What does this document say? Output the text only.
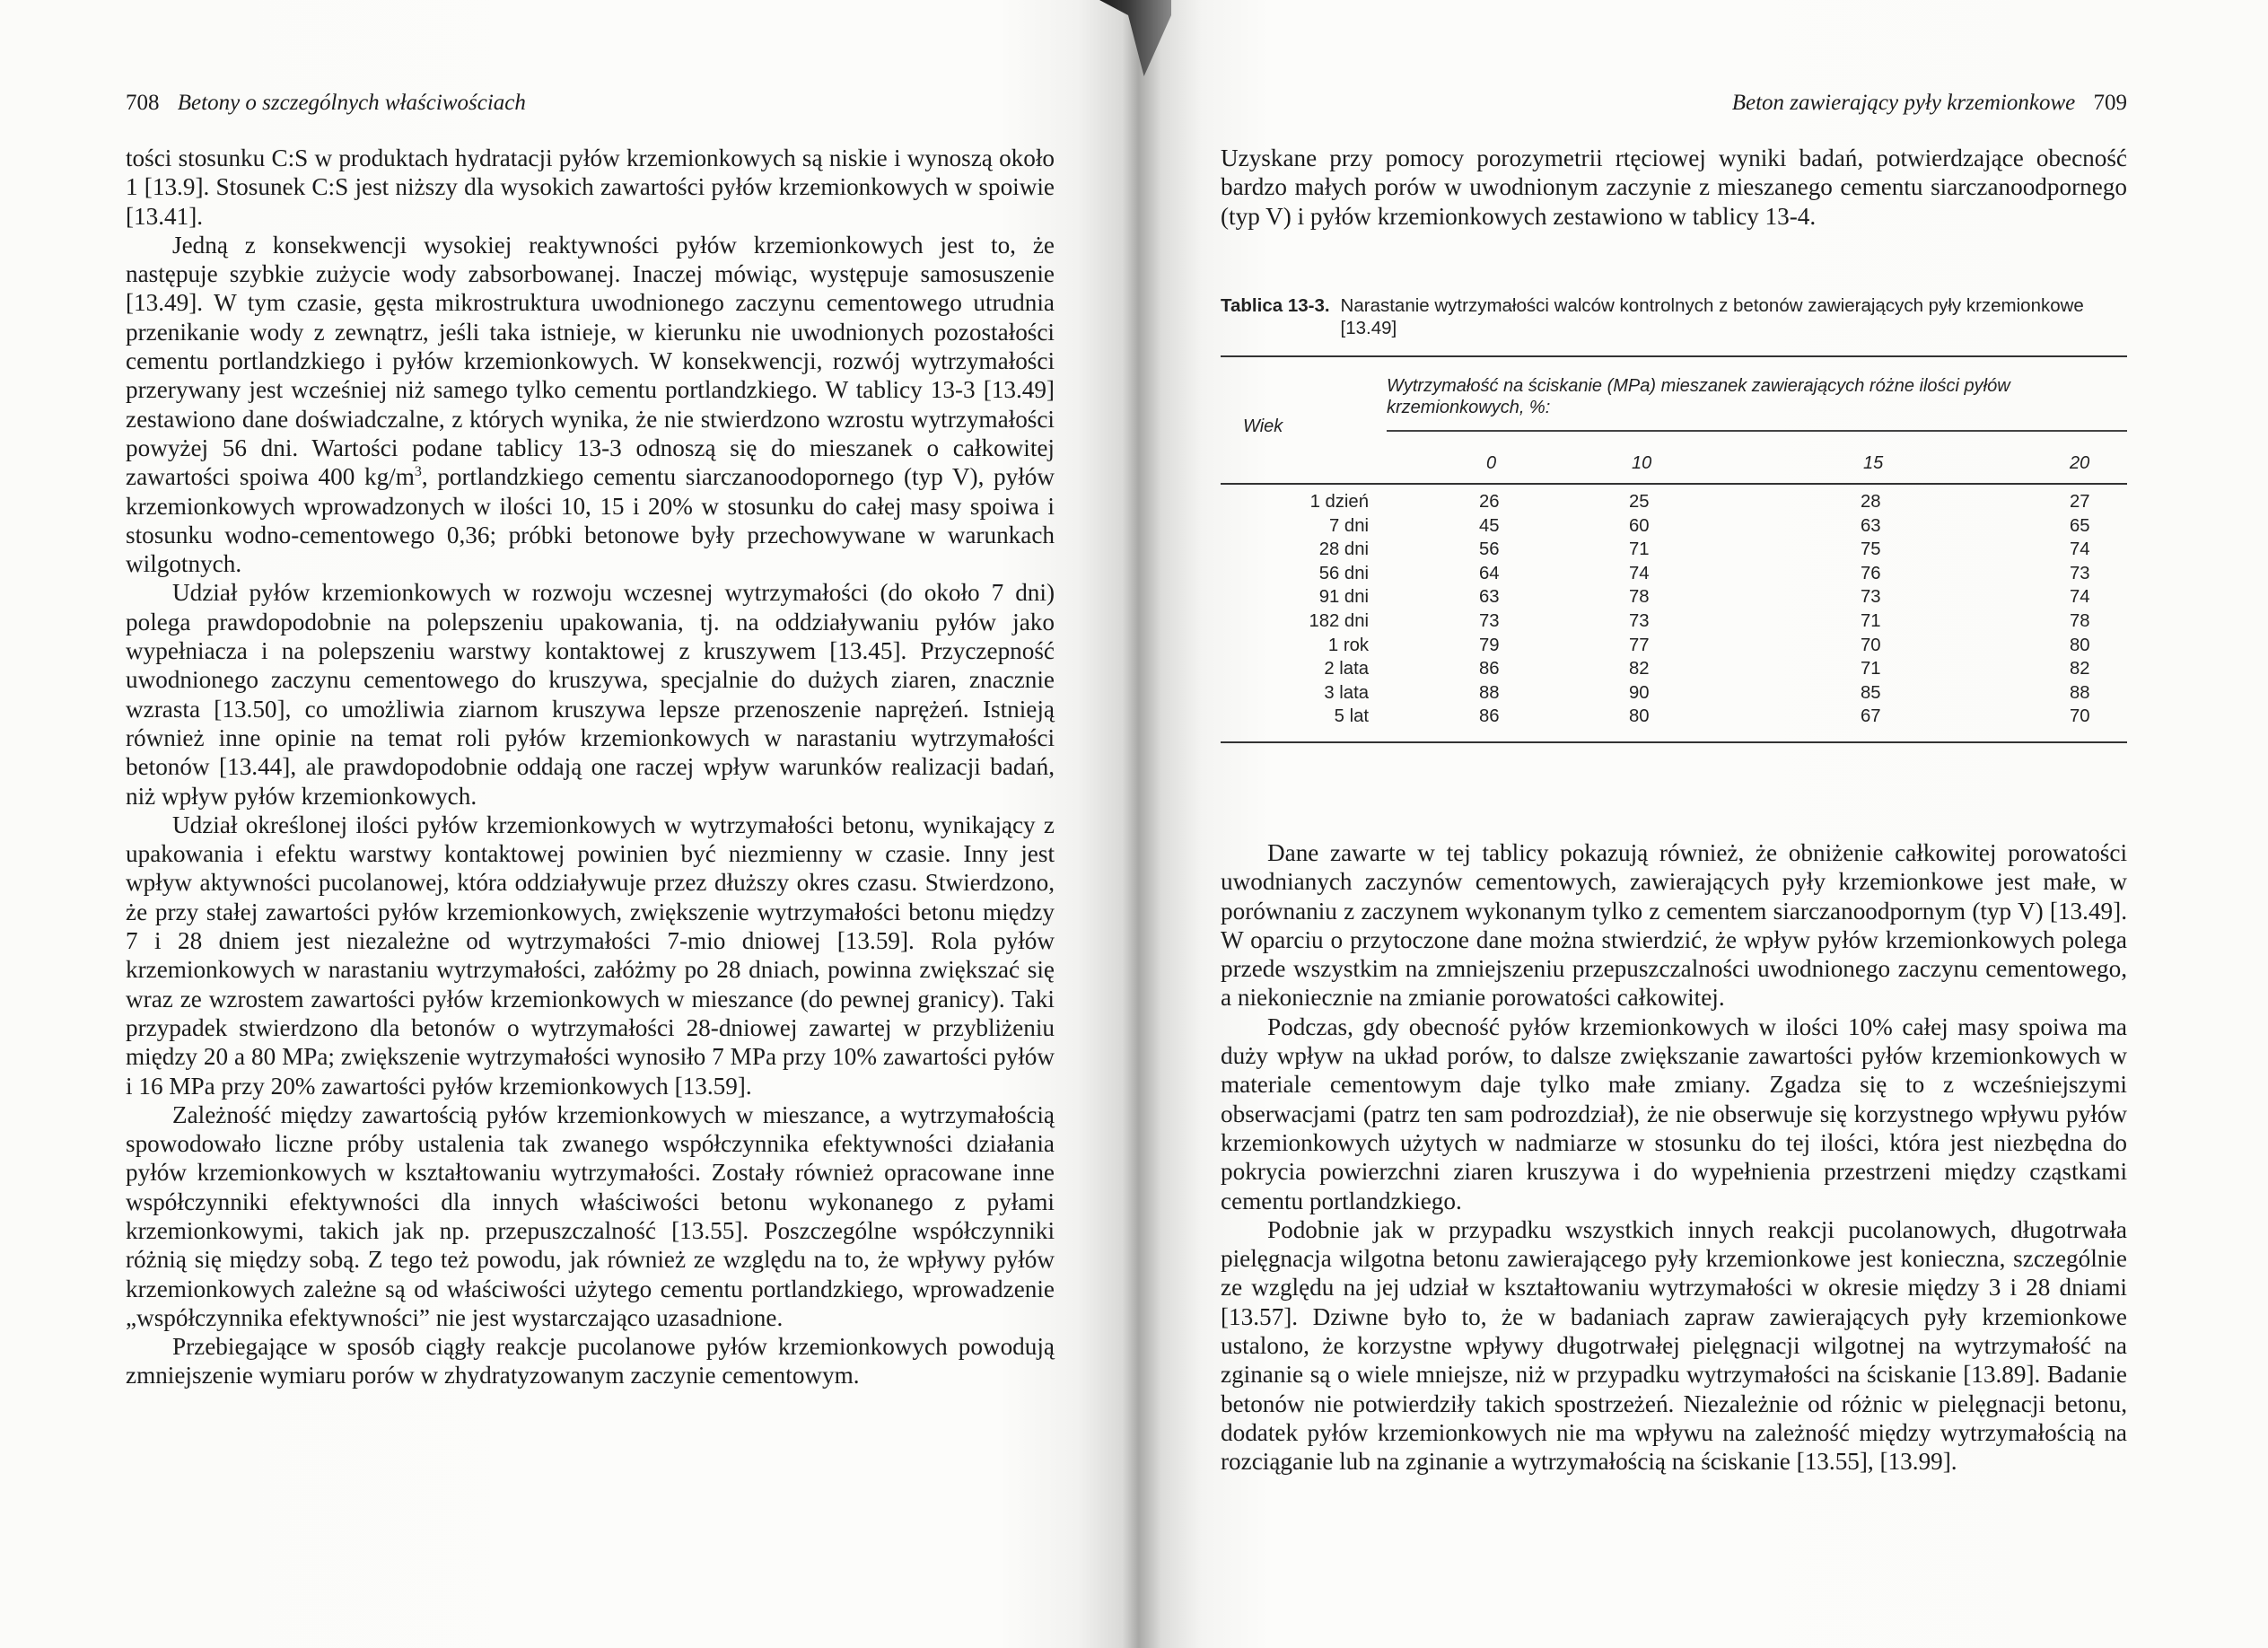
708 Betony o szczególnych właściwościach

tości stosunku C:S w produktach hydratacji pyłów krzemionkowych są niskie i wynoszą około 1 [13.9]. Stosunek C:S jest niższy dla wysokich zawartości pyłów krzemionkowych w spoiwie [13.41].

Jedną z konsekwencji wysokiej reaktywności pyłów krzemionkowych jest to, że następuje szybkie zużycie wody zabsorbowanej. Inaczej mówiąc, występuje samosuszenie [13.49]. W tym czasie, gęsta mikrostruktura uwodnionego zaczynu cementowego utrudnia przenikanie wody z zewnątrz, jeśli taka istnieje, w kierunku nie uwodnionych pozostałości cementu portlandzkiego i pyłów krzemionkowych. W konsekwencji, rozwój wytrzymałości przerywany jest wcześniej niż samego tylko cementu portlandzkiego. W tablicy 13-3 [13.49] zestawiono dane doświadczalne, z których wynika, że nie stwierdzono wzrostu wytrzymałości powyżej 56 dni. Wartości podane tablicy 13-3 odnoszą się do mieszanek o całkowitej zawartości spoiwa 400 $kg/m^3$, portlandzkiego cementu siarczanoodopornego (typ V), pyłów krzemionkowych wprowadzonych w ilości 10, 15 i 20% w stosunku do całej masy spoiwa i stosunku wodno-cementowego 0,36; próbki betonowe były przechowywane w warunkach wilgotnych.

Udział pyłów krzemionkowych w rozwoju wczesnej wytrzymałości (do około 7 dni) polega prawdopodobnie na polepszeniu upakowania, tj. na oddziaływaniu pyłów jako wypełniacza i na polepszeniu warstwy kontaktowej z kruszywem [13.45]. Przyczepność uwodnionego zaczynu cementowego do kruszywa, specjalnie do dużych ziaren, znacznie wzrasta [13.50], co umożliwia ziarnom kruszywa lepsze przenoszenie naprężeń. Istnieją również inne opinie na temat roli pyłów krzemionkowych w narastaniu wytrzymałości betonów [13.44], ale prawdopodobnie oddają one raczej wpływ warunków realizacji badań, niż wpływ pyłów krzemionkowych.

Udział określonej ilości pyłów krzemionkowych w wytrzymałości betonu, wynikający z upakowania i efektu warstwy kontaktowej powinien być niezmienny w czasie. Inny jest wpływ aktywności pucolanowej, która oddziaływuje przez dłuższy okres czasu. Stwierdzono, że przy stałej zawartości pyłów krzemionkowych, zwiększenie wytrzymałości betonu między 7 i 28 dniem jest niezależne od wytrzymałości 7-mio dniowej [13.59]. Rola pyłów krzemionkowych w narastaniu wytrzymałości, załóżmy po 28 dniach, powinna zwiększać się wraz ze wzrostem zawartości pyłów krzemionkowych w mieszance (do pewnej granicy). Taki przypadek stwierdzono dla betonów o wytrzymałości 28-dniowej zawartej w przybliżeniu między 20 a 80 MPa; zwiększenie wytrzymałości wynosiło 7 MPa przy 10% zawartości pyłów i 16 MPa przy 20% zawartości pyłów krzemionkowych [13.59].

Zależność między zawartością pyłów krzemionkowych w mieszance, a wytrzymałością spowodowało liczne próby ustalenia tak zwanego współczynnika efektywności działania pyłów krzemionkowych w kształtowaniu wytrzymałości. Zostały również opracowane inne współczynniki efektywności dla innych właściwości betonu wykonanego z pyłami krzemionkowymi, takich jak np. przepuszczalność [13.55]. Poszczególne współczynniki różnią się między sobą. Z tego też powodu, jak również ze względu na to, że wpływy pyłów krzemionkowych zależne są od właściwości użytego cementu portlandzkiego, wprowadzenie „współczynnika efektywności” nie jest wystarczająco uzasadnione.

Przebiegające w sposób ciągły reakcje pucolanowe pyłów krzemionkowych powodują zmniejszenie wymiaru porów w zhydratyzowanym zaczynie cementowym.

Beton zawierający pyły krzemionkowe 709

Uzyskane przy pomocy porozymetrii rtęciowej wyniki badań, potwierdzające obecność bardzo małych porów w uwodnionym zaczynie z mieszanego cementu siarczanoodpornego (typ V) i pyłów krzemionkowych zestawiono w tablicy 13-4.

Tablica 13-3. Narastanie wytrzymałości walców kontrolnych z betonów zawierających pyły krzemionkowe [13.49]
Wiek
Wytrzymałość na ściskanie (MPa) mieszanek zawierających różne ilości pyłów krzemionkowych, %:
0	10	15	20
1 dzień	26	25	28	27
7 dni	45	60	63	65
28 dni	56	71	75	74
56 dni	64	74	76	73
91 dni	63	78	73	74
182 dni	73	73	71	78
1 rok	79	77	70	80
2 lata	86	82	71	82
3 lata	88	90	85	88
5 lat	86	80	67	70

Dane zawarte w tej tablicy pokazują również, że obniżenie całkowitej porowatości uwodnianych zaczynów cementowych, zawierających pyły krzemionkowe jest małe, w porównaniu z zaczynem wykonanym tylko z cementem siarczanoodpornym (typ V) [13.49]. W oparciu o przytoczone dane można stwierdzić, że wpływ pyłów krzemionkowych polega przede wszystkim na zmniejszeniu przepuszczalności uwodnionego zaczynu cementowego, a niekoniecznie na zmianie porowatości całkowitej.

Podczas, gdy obecność pyłów krzemionkowych w ilości 10% całej masy spoiwa ma duży wpływ na układ porów, to dalsze zwiększanie zawartości pyłów krzemionkowych w materiale cementowym daje tylko małe zmiany. Zgadza się to z wcześniejszymi obserwacjami (patrz ten sam podrozdział), że nie obserwuje się korzystnego wpływu pyłów krzemionkowych użytych w nadmiarze w stosunku do tej ilości, która jest niezbędna do pokrycia powierzchni ziaren kruszywa i do wypełnienia przestrzeni między cząstkami cementu portlandzkiego.

Podobnie jak w przypadku wszystkich innych reakcji pucolanowych, długotrwała pielęgnacja wilgotna betonu zawierającego pyły krzemionkowe jest konieczna, szczególnie ze względu na jej udział w kształtowaniu wytrzymałości w okresie między 3 i 28 dniami [13.57]. Dziwne było to, że w badaniach zapraw zawierających pyły krzemionkowe ustalono, że korzystne wpływy długotrwałej pielęgnacji wilgotnej na wytrzymałość na zginanie są o wiele mniejsze, niż w przypadku wytrzymałości na ściskanie [13.89]. Badanie betonów nie potwierdziły takich spostrzeżeń. Niezależnie od różnic w pielęgnacji betonu, dodatek pyłów krzemionkowych nie ma wpływu na zależność między wytrzymałością na rozciąganie lub na zginanie a wytrzymałością na ściskanie [13.55], [13.99].
